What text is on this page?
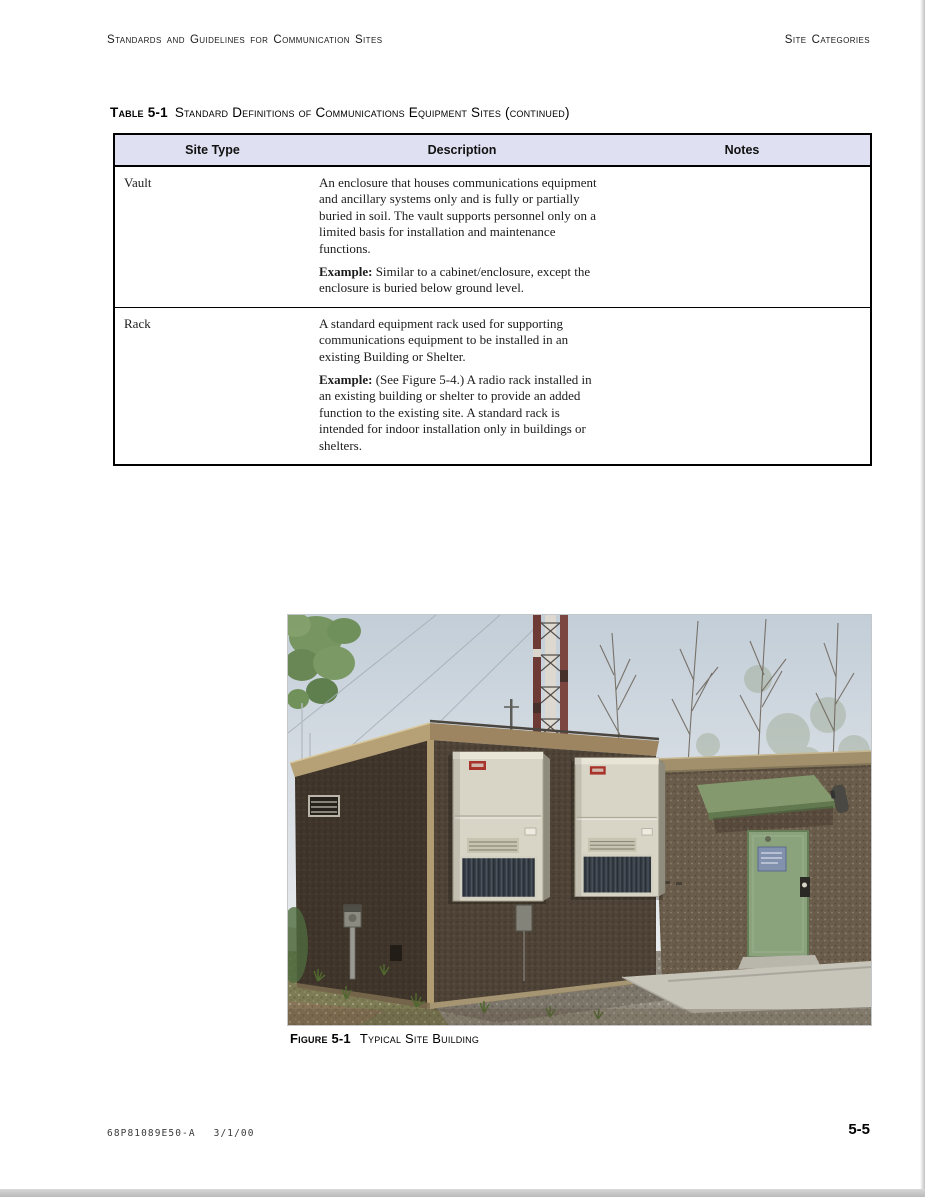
Standards and Guidelines for Communication Sites	Site Categories
Table 5-1 Standard Definitions of Communications Equipment Sites (continued)
Site Type	Description	Notes
Vault	An enclosure that houses communications equipment and ancillary systems only and is fully or partially buried in soil. The vault supports personnel only on a limited basis for installation and maintenance functions.

Example: Similar to a cabinet/enclosure, except the enclosure is buried below ground level.

Rack	A standard equipment rack used for supporting communications equipment to be installed in an existing Building or Shelter.

Example: (See Figure 5-4.) A radio rack installed in an existing building or shelter to provide an added function to the existing site. A standard rack is intended for indoor installation only in buildings or shelters.

Figure 5-1 Typical Site Building
68P81089E50-A 3/1/00	5-5
